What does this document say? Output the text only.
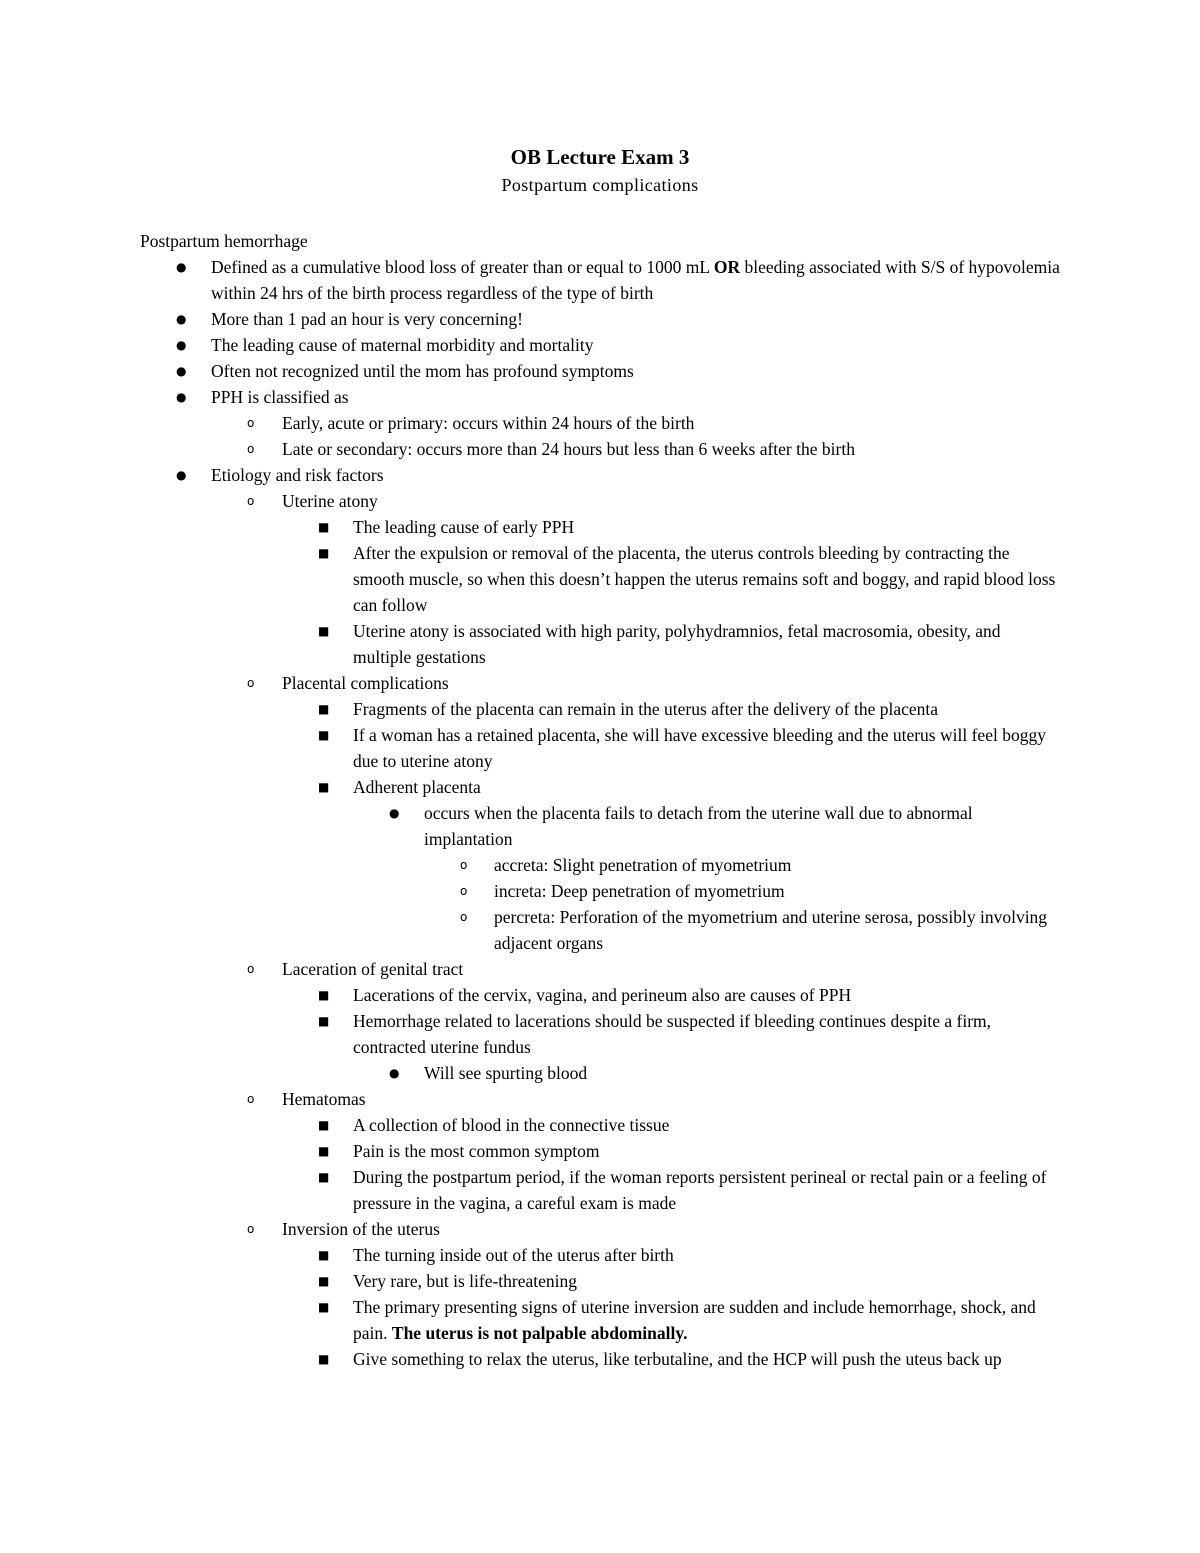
OB Lecture Exam 3
Postpartum complications

Postpartum hemorrhage

● Defined as a cumulative blood loss of greater than or equal to 1000 mL OR bleeding associated with S/S of hypovolemia within 24 hrs of the birth process regardless of the type of birth
● More than 1 pad an hour is very concerning!
● The leading cause of maternal morbidity and mortality
● Often not recognized until the mom has profound symptoms
● PPH is classified as
o Early, acute or primary: occurs within 24 hours of the birth
o Late or secondary: occurs more than 24 hours but less than 6 weeks after the birth
● Etiology and risk factors
o Uterine atony
■ The leading cause of early PPH
■ After the expulsion or removal of the placenta, the uterus controls bleeding by contracting the smooth muscle, so when this doesn’t happen the uterus remains soft and boggy, and rapid blood loss can follow
■ Uterine atony is associated with high parity, polyhydramnios, fetal macrosomia, obesity, and multiple gestations
o Placental complications
■ Fragments of the placenta can remain in the uterus after the delivery of the placenta
■ If a woman has a retained placenta, she will have excessive bleeding and the uterus will feel boggy due to uterine atony
■ Adherent placenta
● occurs when the placenta fails to detach from the uterine wall due to abnormal implantation
o accreta: Slight penetration of myometrium
o increta: Deep penetration of myometrium
o percreta: Perforation of the myometrium and uterine serosa, possibly involving adjacent organs
o Laceration of genital tract
■ Lacerations of the cervix, vagina, and perineum also are causes of PPH
■ Hemorrhage related to lacerations should be suspected if bleeding continues despite a firm, contracted uterine fundus
● Will see spurting blood
o Hematomas
■ A collection of blood in the connective tissue
■ Pain is the most common symptom
■ During the postpartum period, if the woman reports persistent perineal or rectal pain or a feeling of pressure in the vagina, a careful exam is made
o Inversion of the uterus
■ The turning inside out of the uterus after birth
■ Very rare, but is life-threatening
■ The primary presenting signs of uterine inversion are sudden and include hemorrhage, shock, and pain. The uterus is not palpable abdominally.
■ Give something to relax the uterus, like terbutaline, and the HCP will push the uteus back up
